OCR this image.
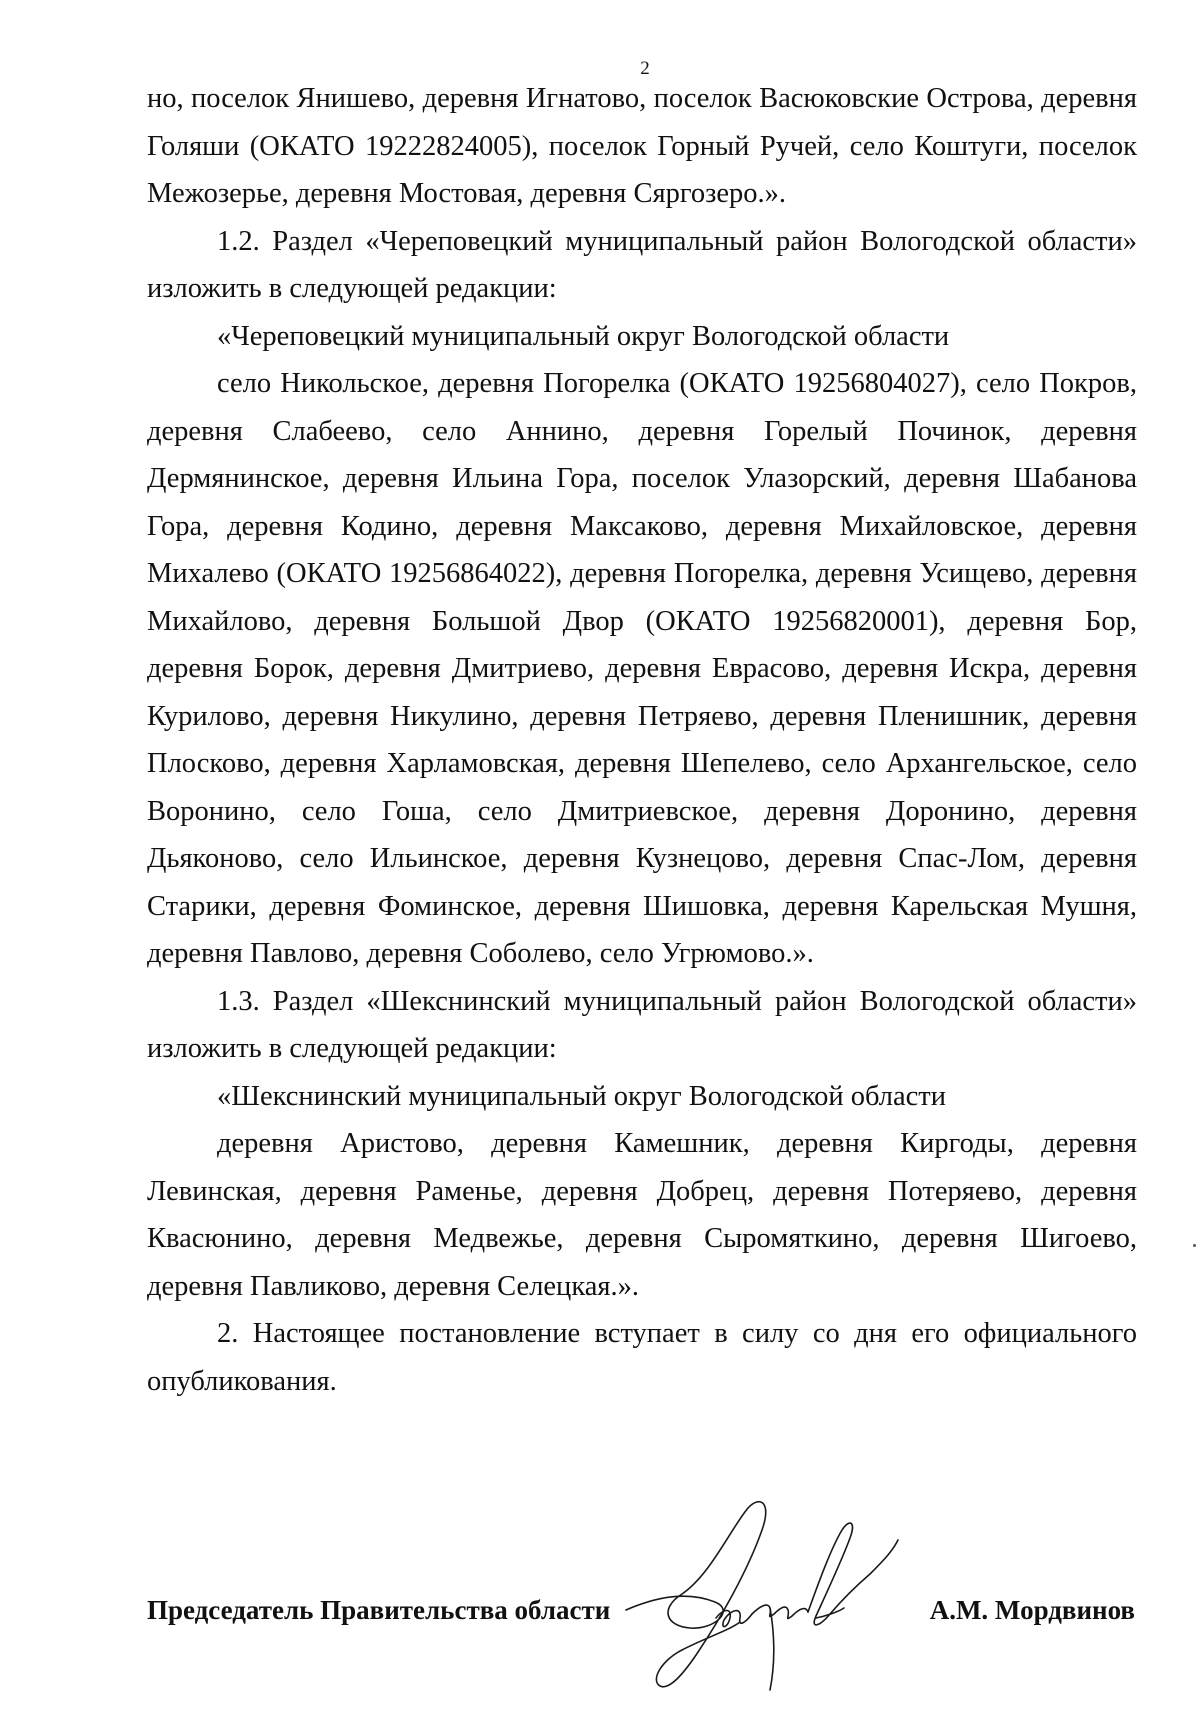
2

но, поселок Янишево, деревня Игнатово, поселок Васюковские Острова, деревня Голяши (ОКАТО 19222824005), поселок Горный Ручей, село Коштуги, поселок Межозерье, деревня Мостовая, деревня Сяргозеро.».

1.2. Раздел «Череповецкий муниципальный район Вологодской области» изложить в следующей редакции:

«Череповецкий муниципальный округ Вологодской области

село Никольское, деревня Погорелка (ОКАТО 19256804027), село Покров, деревня Слабеево, село Аннино, деревня Горелый Починок, деревня Дермянинское, деревня Ильина Гора, поселок Улазорский, деревня Шабанова Гора, деревня Кодино, деревня Максаково, деревня Михайловское, деревня Михалево (ОКАТО 19256864022), деревня Погорелка, деревня Усищево, деревня Михайлово, деревня Большой Двор (ОКАТО 19256820001), деревня Бор, деревня Борок, деревня Дмитриево, деревня Еврасово, деревня Искра, деревня Курилово, деревня Никулино, деревня Петряево, деревня Пленишник, деревня Плосково, деревня Харламовская, деревня Шепелево, село Архангельское, село Воронино, село Гоша, село Дмитриевское, деревня Доронино, деревня Дьяконово, село Ильинское, деревня Кузнецово, деревня Спас-Лом, деревня Старики, деревня Фоминское, деревня Шишовка, деревня Карельская Мушня, деревня Павлово, деревня Соболево, село Угрюмово.».

1.3. Раздел «Шекснинский муниципальный район Вологодской области» изложить в следующей редакции:

«Шекснинский муниципальный округ Вологодской области

деревня Аристово, деревня Камешник, деревня Киргоды, деревня Левинская, деревня Раменье, деревня Добрец, деревня Потеряево, деревня Квасюнино, деревня Медвежье, деревня Сыромяткино, деревня Шигоево, деревня Павликово, деревня Селецкая.».

2. Настоящее постановление вступает в силу со дня его официального опубликования.

Председатель Правительства области	А.М. Мордвинов
